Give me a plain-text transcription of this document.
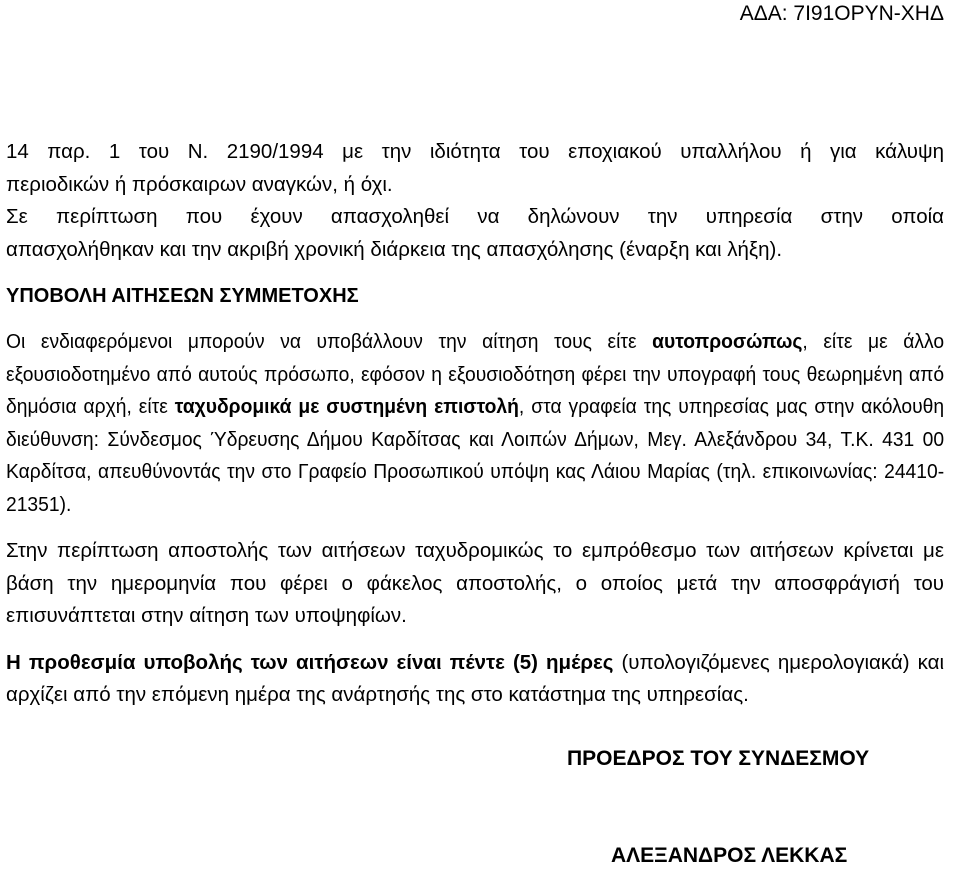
ΑΔΑ: 7Ι91ΟΡΥΝ-ΧΗΔ
14 παρ. 1 του Ν. 2190/1994 με την ιδιότητα του εποχιακού υπαλλήλου ή για κάλυψη
περιοδικών ή πρόσκαιρων αναγκών, ή όχι.
Σε περίπτωση που έχουν απασχοληθεί να δηλώνουν την υπηρεσία στην οποία
απασχολήθηκαν και την ακριβή χρονική διάρκεια της απασχόλησης (έναρξη και λήξη).
ΥΠΟΒΟΛΗ ΑΙΤΗΣΕΩΝ ΣΥΜΜΕΤΟΧΗΣ
Οι ενδιαφερόμενοι μπορούν να υποβάλλουν την αίτηση τους είτε αυτοπροσώπως, είτε με άλλο εξουσιοδοτημένο από αυτούς πρόσωπο, εφόσον η εξουσιοδότηση φέρει την υπογραφή τους θεωρημένη από δημόσια αρχή, είτε ταχυδρομικά με συστημένη επιστολή, στα γραφεία της υπηρεσίας μας στην ακόλουθη διεύθυνση: Σύνδεσμος Ύδρευσης Δήμου Καρδίτσας και Λοιπών Δήμων, Μεγ. Αλεξάνδρου 34, Τ.Κ. 431 00 Καρδίτσα, απευθύνοντάς την στο Γραφείο Προσωπικού υπόψη κας Λάιου Μαρίας (τηλ. επικοινωνίας: 24410-21351).
Στην περίπτωση αποστολής των αιτήσεων ταχυδρομικώς το εμπρόθεσμο των αιτήσεων κρίνεται με βάση την ημερομηνία που φέρει ο φάκελος αποστολής, ο οποίος μετά την αποσφράγισή του επισυνάπτεται στην αίτηση των υποψηφίων.
Η προθεσμία υποβολής των αιτήσεων είναι πέντε (5) ημέρες (υπολογιζόμενες ημερολογιακά) και αρχίζει από την επόμενη ημέρα της ανάρτησής της στο κατάστημα της υπηρεσίας.
ΠΡΟΕΔΡΟΣ ΤΟΥ ΣΥΝΔΕΣΜΟΥ
ΑΛΕΞΑΝΔΡΟΣ ΛΕΚΚΑΣ
